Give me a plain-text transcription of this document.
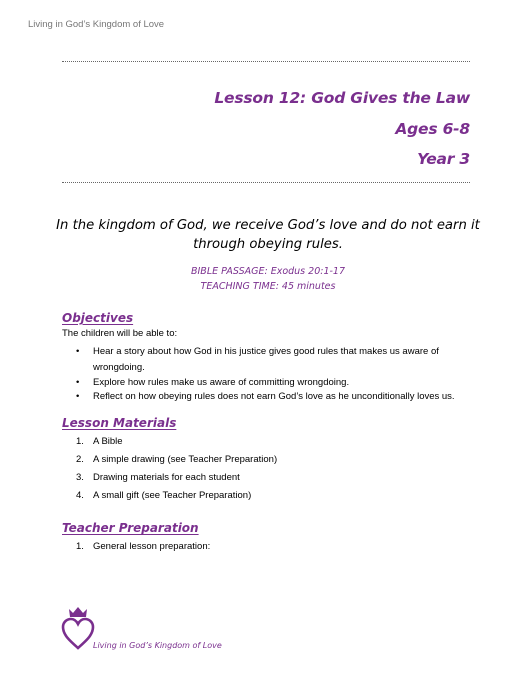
Living in God’s Kingdom of Love
Lesson 12: God Gives the Law
Ages 6-8
Year 3
In the kingdom of God, we receive God’s love and do not earn it through obeying rules.
BIBLE PASSAGE: Exodus 20:1-17
TEACHING TIME: 45 minutes
Objectives
The children will be able to:
• Hear a story about how God in his justice gives good rules that makes us aware of wrongdoing.
• Explore how rules make us aware of committing wrongdoing.
• Reflect on how obeying rules does not earn God’s love as he unconditionally loves us.
Lesson Materials
1. A Bible
2. A simple drawing (see Teacher Preparation)
3. Drawing materials for each student
4. A small gift (see Teacher Preparation)
Teacher Preparation
1. General lesson preparation:
Living in God’s Kingdom of Love
